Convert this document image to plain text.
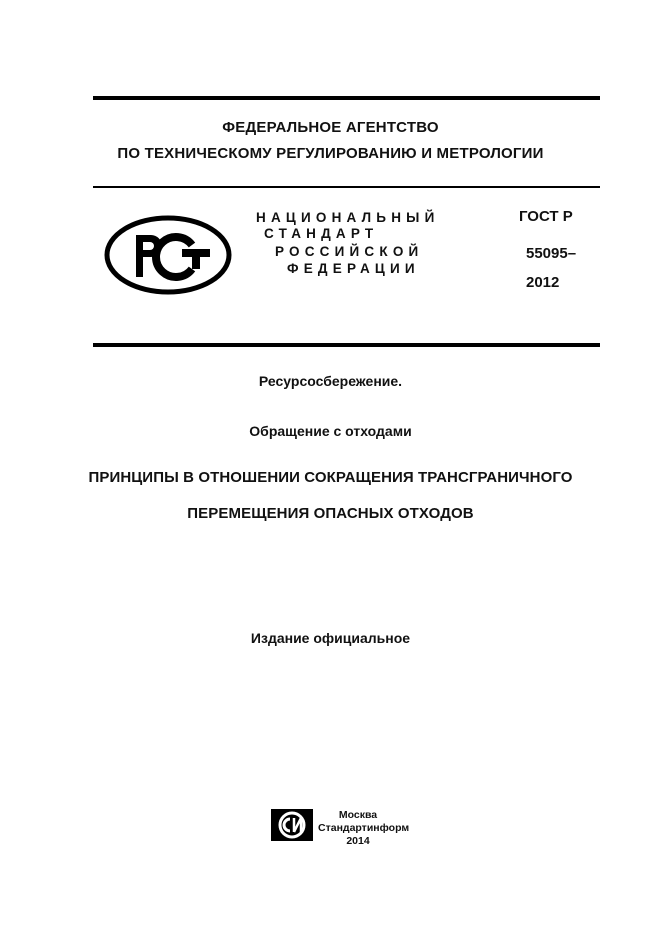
ФЕДЕРАЛЬНОЕ АГЕНТСТВО
ПО ТЕХНИЧЕСКОМУ РЕГУЛИРОВАНИЮ И МЕТРОЛОГИИ
НАЦИОНАЛЬНЫЙ
СТАНДАРТ
РОССИЙСКОЙ
ФЕДЕРАЦИИ
ГОСТ Р
55095–
2012
Ресурсосбережение.
Обращение с отходами
ПРИНЦИПЫ В ОТНОШЕНИИ СОКРАЩЕНИЯ ТРАНСГРАНИЧНОГО
ПЕРЕМЕЩЕНИЯ ОПАСНЫХ ОТХОДОВ
Издание официальное
Москва
Стандартинформ
2014
